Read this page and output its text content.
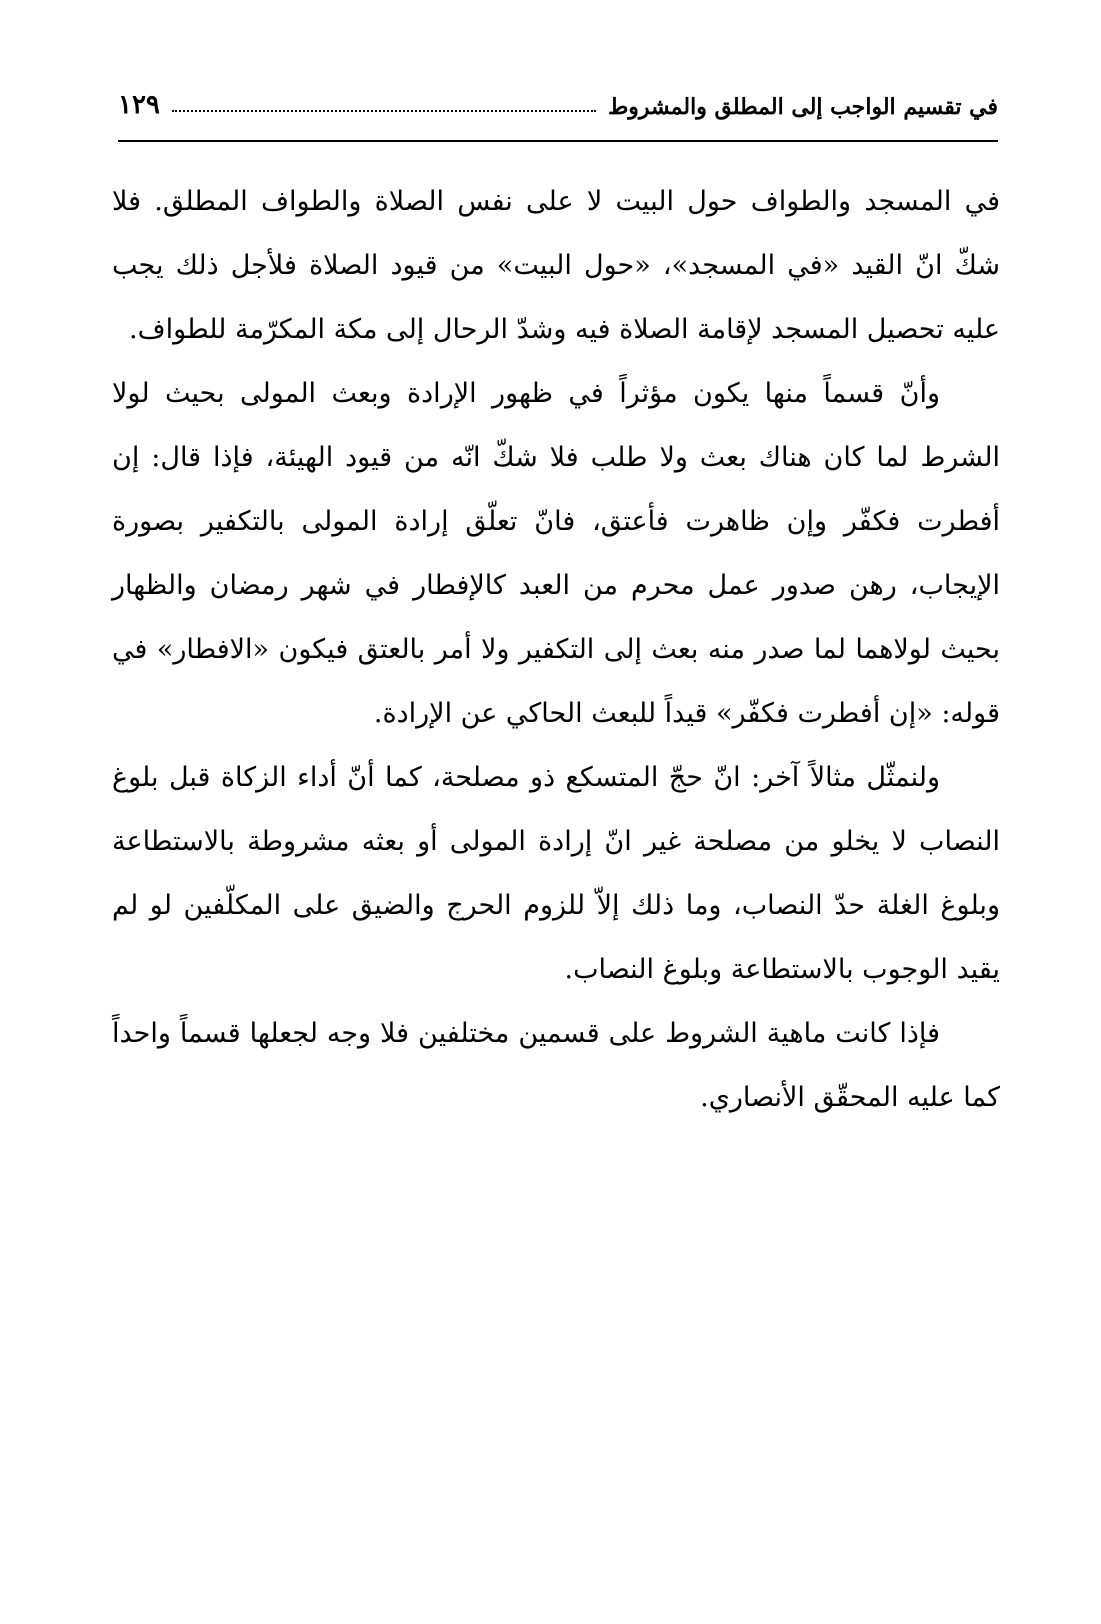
في تقسيم الواجب إلى المطلق والمشروط
١٢٩

في المسجد والطواف حول البيت لا على نفس الصلاة والطواف المطلق. فلا شكّ انّ القيد «في المسجد»، «حول البيت» من قيود الصلاة فلأجل ذلك يجب عليه تحصيل المسجد لإقامة الصلاة فيه وشدّ الرحال إلى مكة المكرّمة للطواف.

وأنّ قسماً منها يكون مؤثراً في ظهور الإرادة وبعث المولى بحيث لولا الشرط لما كان هناك بعث ولا طلب فلا شكّ انّه من قيود الهيئة، فإذا قال: إن أفطرت فكفّر وإن ظاهرت فأعتق، فانّ تعلّق إرادة المولى بالتكفير بصورة الإيجاب، رهن صدور عمل محرم من العبد كالإفطار في شهر رمضان والظهار بحيث لولاهما لما صدر منه بعث إلى التكفير ولا أمر بالعتق فيكون «الافطار» في قوله: «إن أفطرت فكفّر» قيداً للبعث الحاكي عن الإرادة.

ولنمثّل مثالاً آخر: انّ حجّ المتسكع ذو مصلحة، كما أنّ أداء الزكاة قبل بلوغ النصاب لا يخلو من مصلحة غير انّ إرادة المولى أو بعثه مشروطة بالاستطاعة وبلوغ الغلة حدّ النصاب، وما ذلك إلاّ للزوم الحرج والضيق على المكلّفين لو لم يقيد الوجوب بالاستطاعة وبلوغ النصاب.

فإذا كانت ماهية الشروط على قسمين مختلفين فلا وجه لجعلها قسماً واحداً كما عليه المحقّق الأنصاري.
